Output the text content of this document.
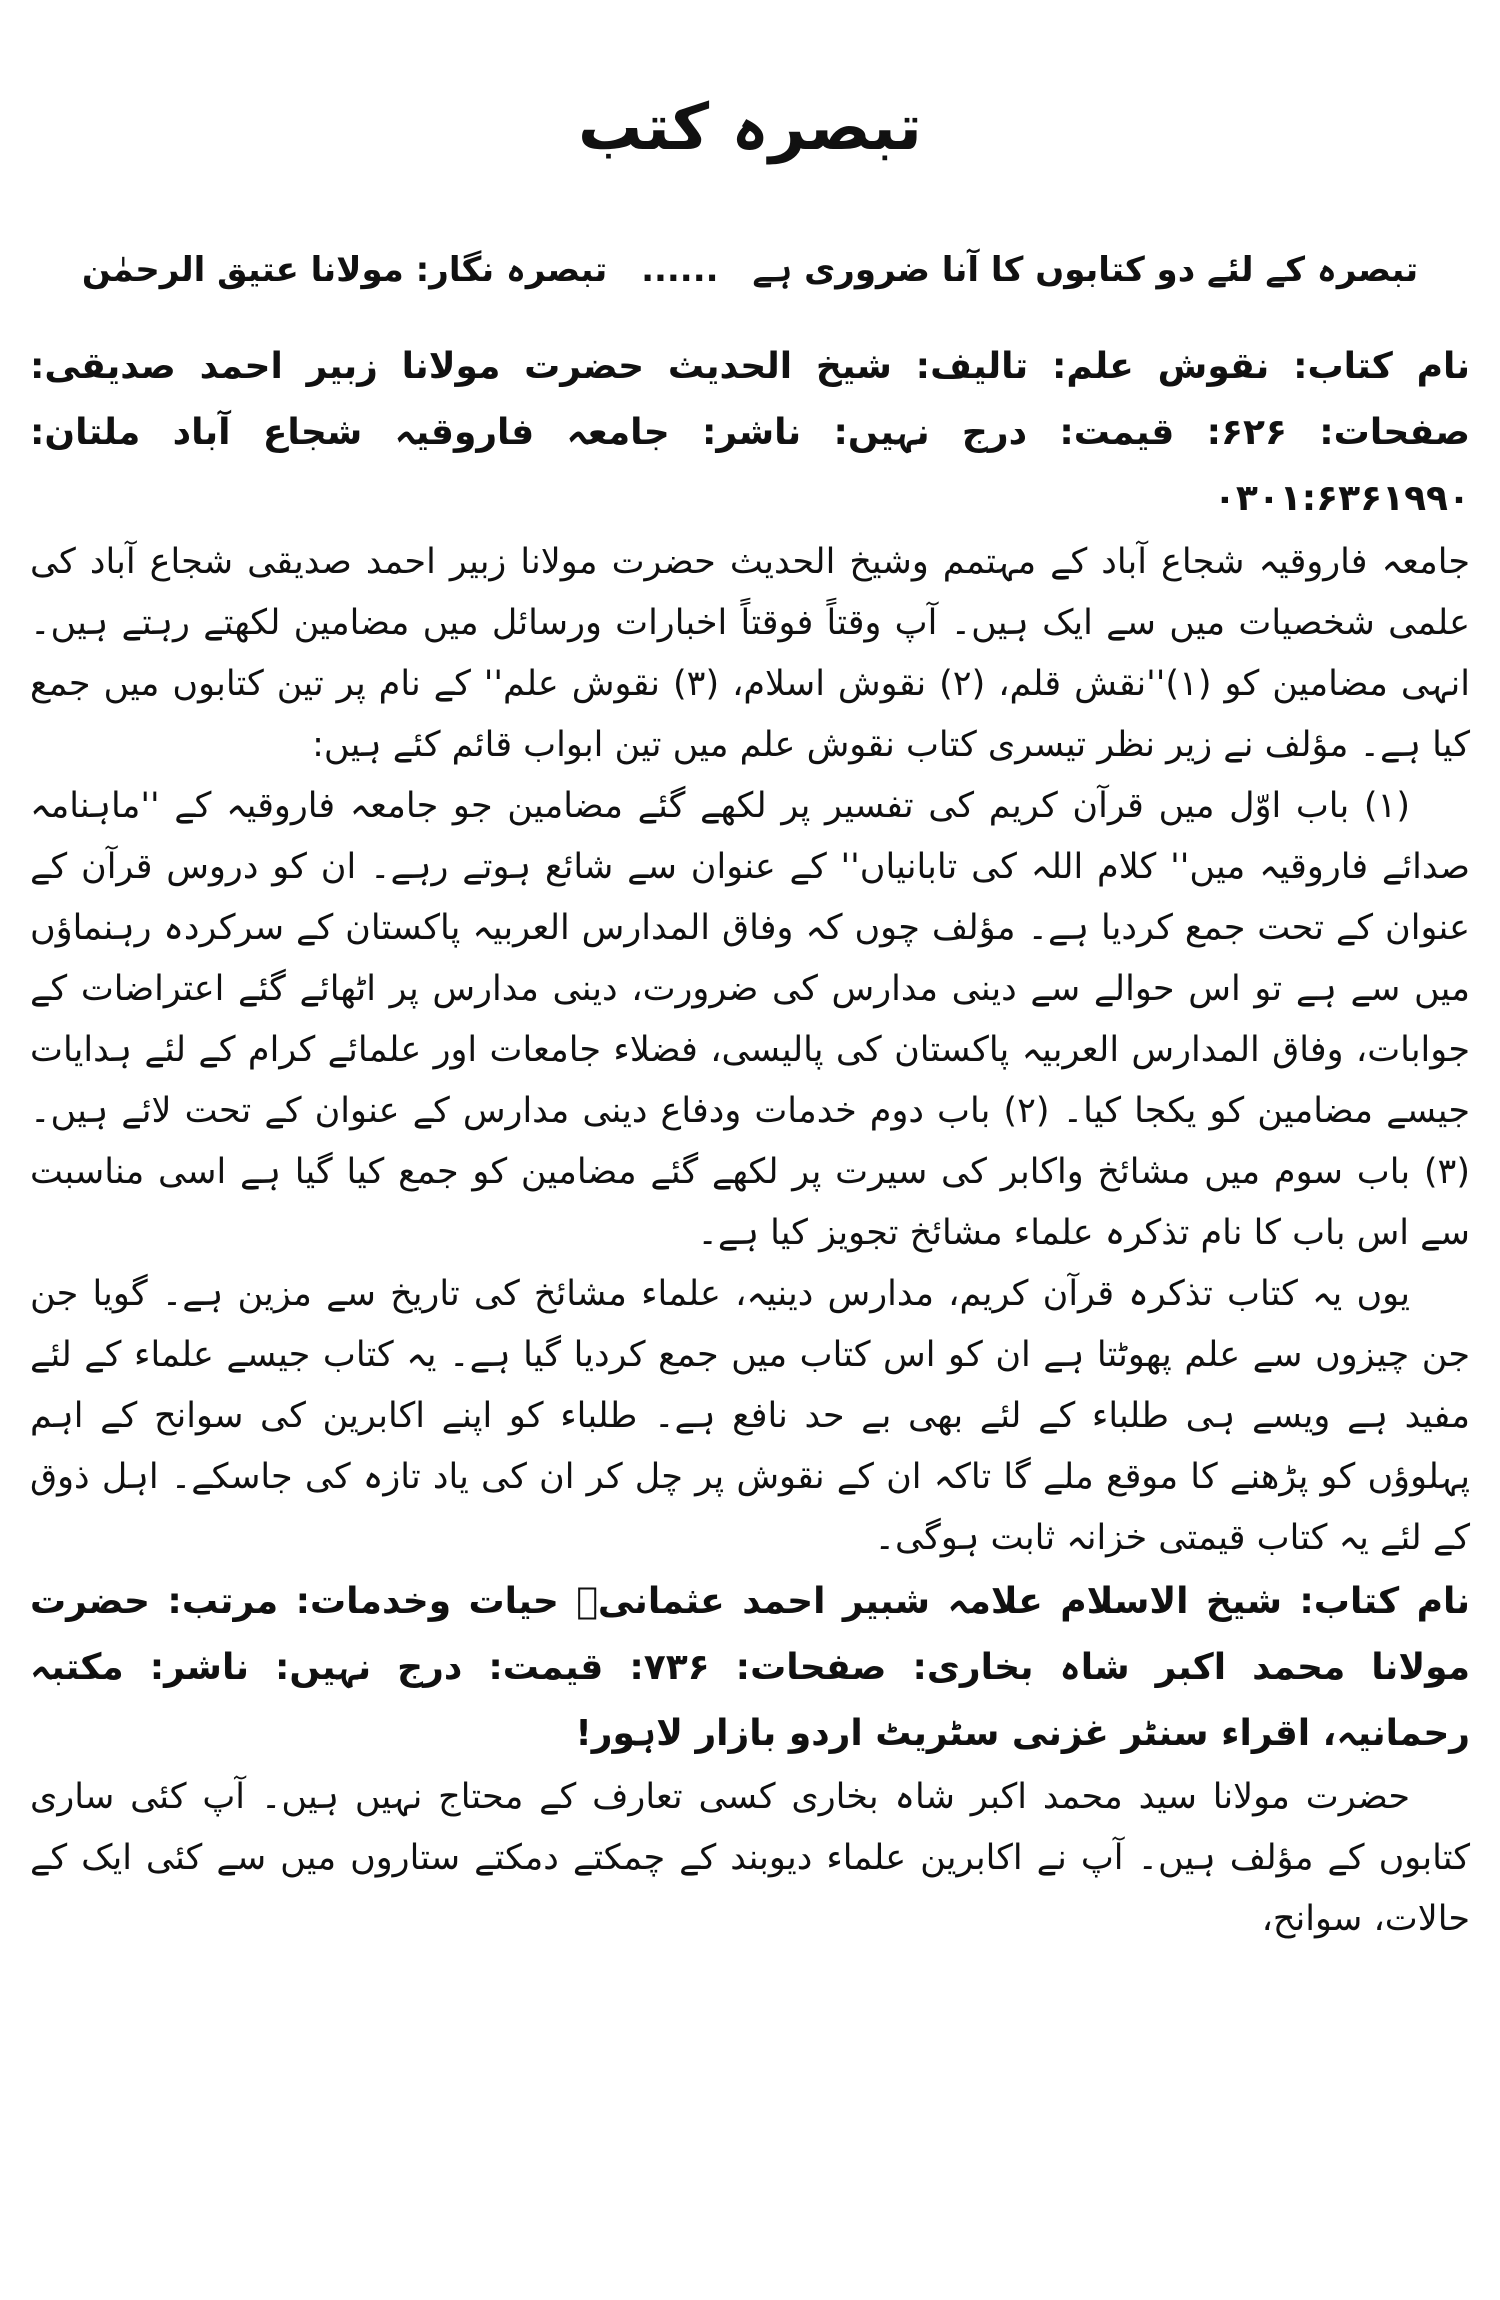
تبصرہ کتب
تبصرہ کے لئے دو کتابوں کا آنا ضروری ہے ...... تبصرہ نگار: مولانا عتیق الرحمٰن
نام کتاب: نقوش علم: تالیف: شیخ الحدیث حضرت مولانا زبیر احمد صدیقی: صفحات: ۶۲۶: قیمت: درج نہیں: ناشر: جامعہ فاروقیہ شجاع آباد ملتان: ۰۳۰۱:۶۳۶۱۹۹۰

جامعہ فاروقیہ شجاع آباد کے مہتمم وشیخ الحدیث حضرت مولانا زبیر احمد صدیقی شجاع آباد کی علمی شخصیات میں سے ایک ہیں۔ آپ وقتاً فوقتاً اخبارات ورسائل میں مضامین لکھتے رہتے ہیں۔ انہی مضامین کو (۱)''نقش قلم، (۲) نقوش اسلام، (۳) نقوش علم'' کے نام پر تین کتابوں میں جمع کیا ہے۔ مؤلف نے زیر نظر تیسری کتاب نقوش علم میں تین ابواب قائم کئے ہیں:

(۱) باب اوّل میں قرآن کریم کی تفسیر پر لکھے گئے مضامین جو جامعہ فاروقیہ کے ''ماہنامہ صدائے فاروقیہ میں'' کلام اللہ کی تابانیاں'' کے عنوان سے شائع ہوتے رہے۔ ان کو دروس قرآن کے عنوان کے تحت جمع کردیا ہے۔ مؤلف چوں کہ وفاق المدارس العربیہ پاکستان کے سرکردہ رہنماؤں میں سے ہے تو اس حوالے سے دینی مدارس کی ضرورت، دینی مدارس پر اٹھائے گئے اعتراضات کے جوابات، وفاق المدارس العربیہ پاکستان کی پالیسی، فضلاء جامعات اور علمائے کرام کے لئے ہدایات جیسے مضامین کو یکجا کیا۔ (۲) باب دوم خدمات ودفاع دینی مدارس کے عنوان کے تحت لائے ہیں۔ (۳) باب سوم میں مشائخ واکابر کی سیرت پر لکھے گئے مضامین کو جمع کیا گیا ہے اسی مناسبت سے اس باب کا نام تذکرہ علماء مشائخ تجویز کیا ہے۔

یوں یہ کتاب تذکرہ قرآن کریم، مدارس دینیہ، علماء مشائخ کی تاریخ سے مزین ہے۔ گویا جن جن چیزوں سے علم پھوٹتا ہے ان کو اس کتاب میں جمع کردیا گیا ہے۔ یہ کتاب جیسے علماء کے لئے مفید ہے ویسے ہی طلباء کے لئے بھی بے حد نافع ہے۔ طلباء کو اپنے اکابرین کی سوانح کے اہم پہلوؤں کو پڑھنے کا موقع ملے گا تاکہ ان کے نقوش پر چل کر ان کی یاد تازہ کی جاسکے۔ اہل ذوق کے لئے یہ کتاب قیمتی خزانہ ثابت ہوگی۔

نام کتاب: شیخ الاسلام علامہ شبیر احمد عثمانیؒ حیات وخدمات: مرتب: حضرت مولانا محمد اکبر شاہ بخاری: صفحات: ۷۳۶: قیمت: درج نہیں: ناشر: مکتبہ رحمانیہ، اقراء سنٹر غزنی سٹریٹ اردو بازار لاہور!

حضرت مولانا سید محمد اکبر شاہ بخاری کسی تعارف کے محتاج نہیں ہیں۔ آپ کئی ساری کتابوں کے مؤلف ہیں۔ آپ نے اکابرین علماء دیوبند کے چمکتے دمکتے ستاروں میں سے کئی ایک کے حالات، سوانح،
